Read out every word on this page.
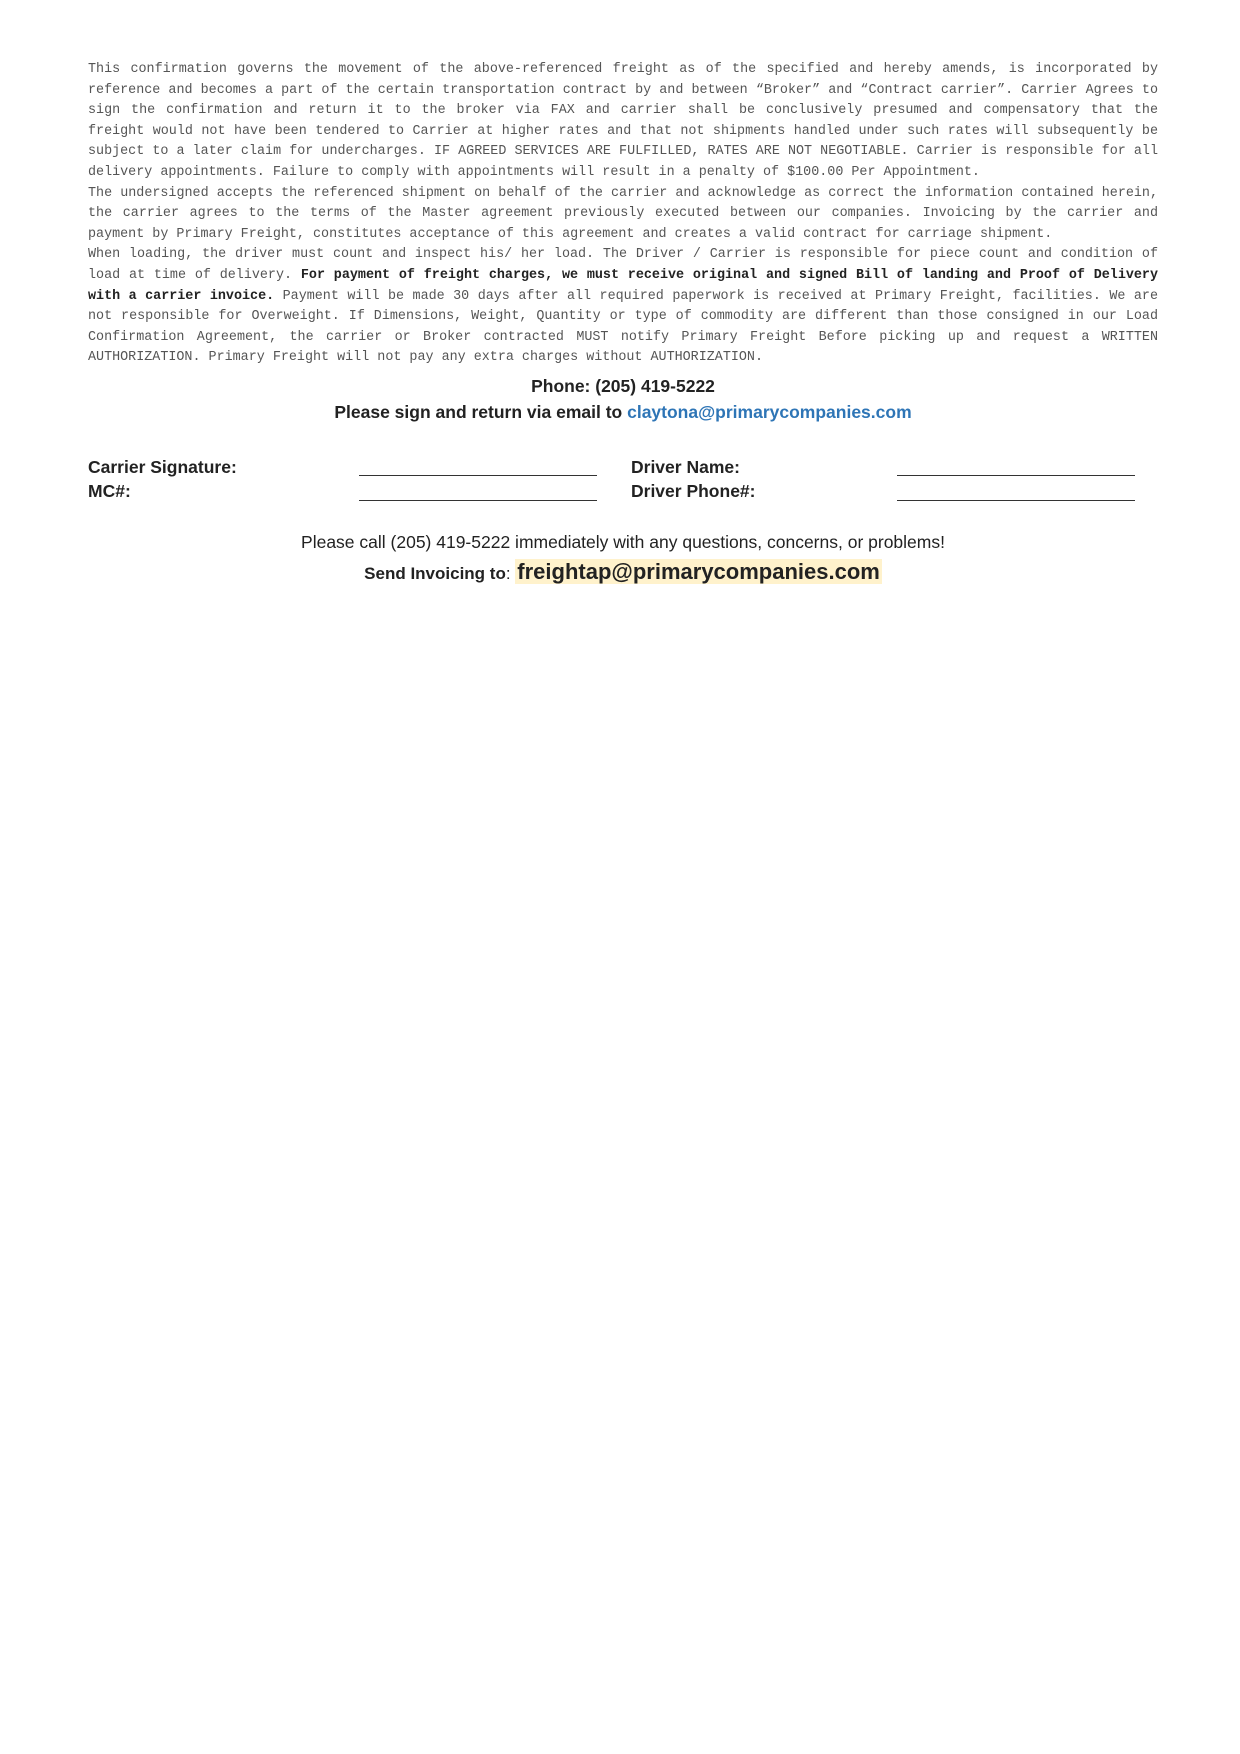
This confirmation governs the movement of the above-referenced freight as of the specified and hereby amends, is incorporated by reference and becomes a part of the certain transportation contract by and between “Broker” and “Contract carrier”. Carrier Agrees to sign the confirmation and return it to the broker via FAX and carrier shall be conclusively presumed and compensatory that the freight would not have been tendered to Carrier at higher rates and that not shipments handled under such rates will subsequently be subject to a later claim for undercharges. IF AGREED SERVICES ARE FULFILLED, RATES ARE NOT NEGOTIABLE. Carrier is responsible for all delivery appointments. Failure to comply with appointments will result in a penalty of $100.00 Per Appointment.

The undersigned accepts the referenced shipment on behalf of the carrier and acknowledge as correct the information contained herein, the carrier agrees to the terms of the Master agreement previously executed between our companies. Invoicing by the carrier and payment by Primary Freight, constitutes acceptance of this agreement and creates a valid contract for carriage shipment.

When loading, the driver must count and inspect his/ her load. The Driver / Carrier is responsible for piece count and condition of load at time of delivery. For payment of freight charges, we must receive original and signed Bill of landing and Proof of Delivery with a carrier invoice. Payment will be made 30 days after all required paperwork is received at Primary Freight, facilities. We are not responsible for Overweight. If Dimensions, Weight, Quantity or type of commodity are different than those consigned in our Load Confirmation Agreement, the carrier or Broker contracted MUST notify Primary Freight Before picking up and request a WRITTEN AUTHORIZATION. Primary Freight will not pay any extra charges without AUTHORIZATION.

Phone: (205) 419-5222
Please sign and return via email to claytona@primarycompanies.com
Carrier Signature:	Driver Name:
MC#:	Driver Phone#:
Please call (205) 419-5222 immediately with any questions, concerns, or problems!
Send Invoicing to: freightap@primarycompanies.com
